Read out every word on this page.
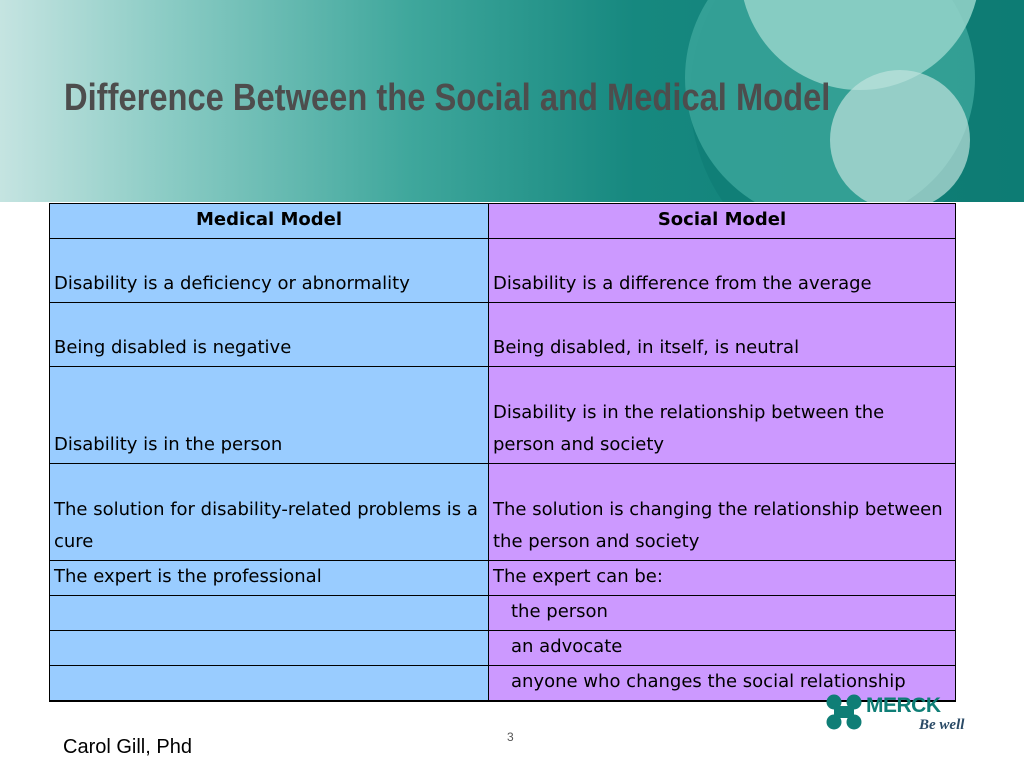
Difference Between the Social and Medical Model
Medical Model	Social Model
Disability is a deficiency or abnormality	Disability is a difference from the average
Being disabled is negative	Being disabled, in itself, is neutral
Disability is in the person	Disability is in the relationship between the person and society
The solution for disability-related problems is a cure	The solution is changing the relationship between the person and society
The expert is the professional	The expert can be:
	the person
	an advocate
	anyone who changes the social relationship
MERCK
Be well
3
Carol Gill, Phd
